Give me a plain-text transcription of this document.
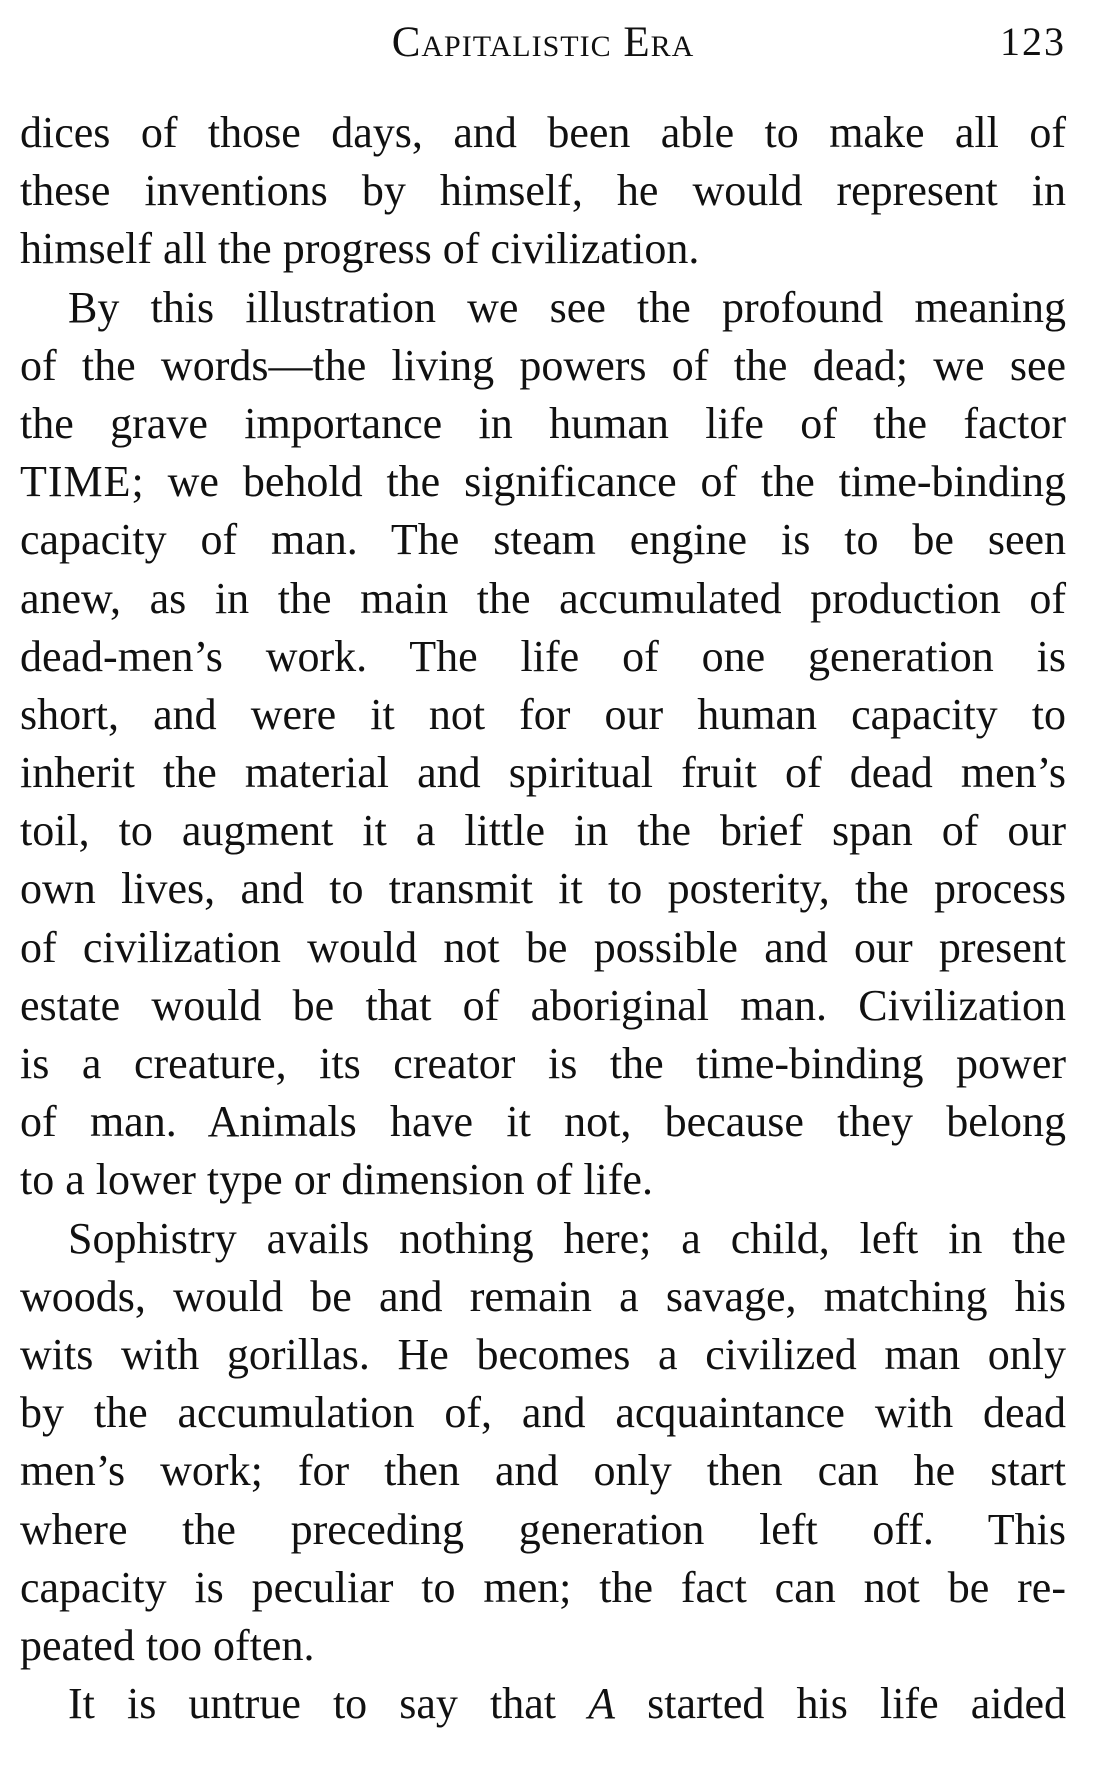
Capitalistic Era	123
dices of those days, and been able to make all of
these inventions by himself, he would represent in
himself all the progress of civilization.
By this illustration we see the profound meaning
of the words—the living powers of the dead; we see
the grave importance in human life of the factor
TIME; we behold the significance of the time-binding
capacity of man. The steam engine is to be seen
anew, as in the main the accumulated production of
dead-men’s work. The life of one generation is
short, and were it not for our human capacity to
inherit the material and spiritual fruit of dead men’s
toil, to augment it a little in the brief span of our
own lives, and to transmit it to posterity, the process
of civilization would not be possible and our present
estate would be that of aboriginal man. Civilization
is a creature, its creator is the time-binding power
of man. Animals have it not, because they belong
to a lower type or dimension of life.
Sophistry avails nothing here; a child, left in the
woods, would be and remain a savage, matching his
wits with gorillas. He becomes a civilized man only
by the accumulation of, and acquaintance with dead
men’s work; for then and only then can he start
where the preceding generation left off. This
capacity is peculiar to men; the fact can not be re-
peated too often.
It is untrue to say that A started his life aided
